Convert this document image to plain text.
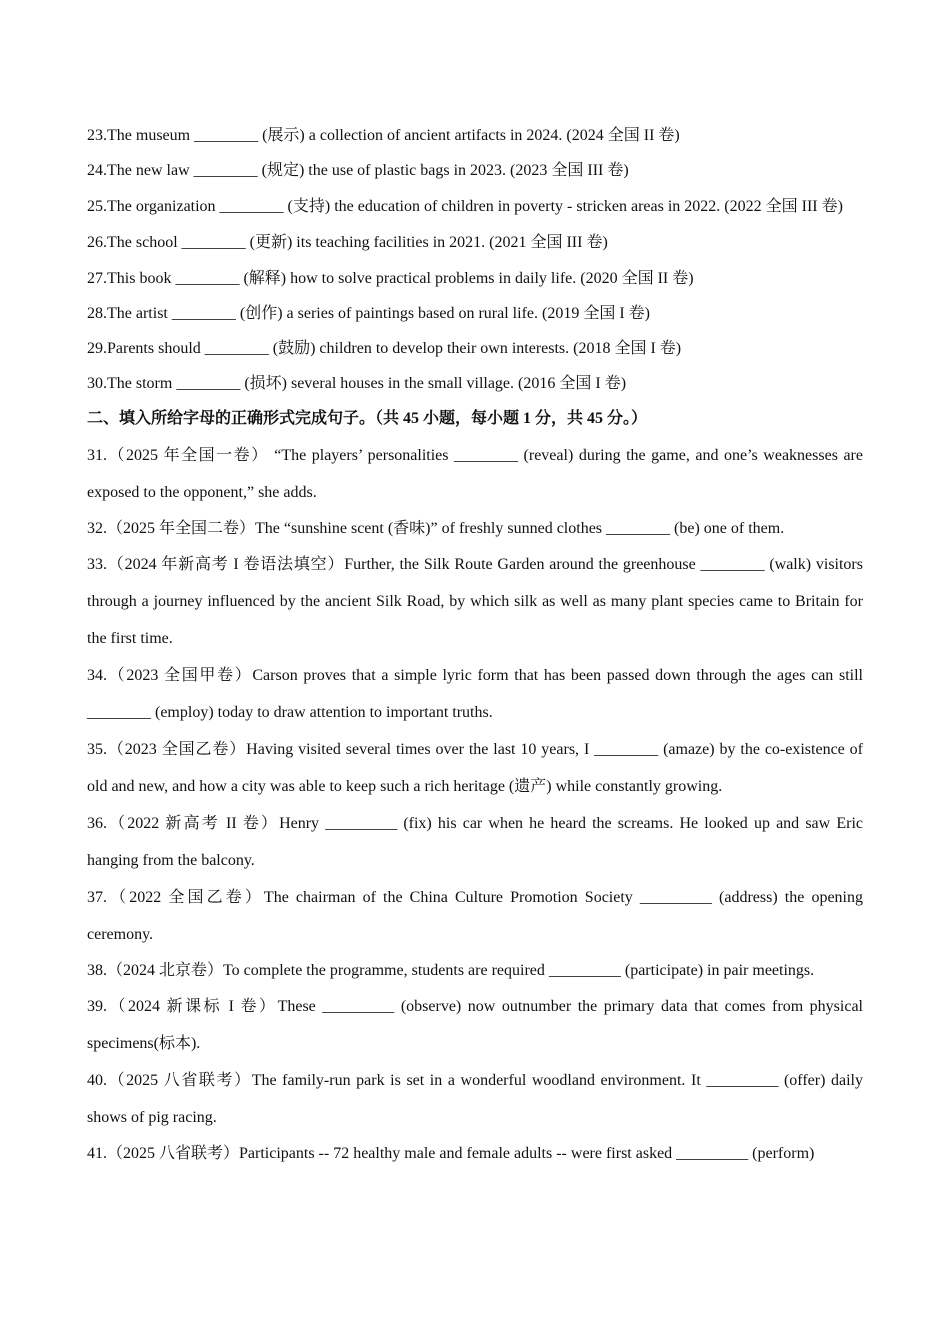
23.The museum ________ (展示) a collection of ancient artifacts in 2024. (2024 全国 II 卷)

24.The new law ________ (规定) the use of plastic bags in 2023. (2023 全国 III 卷)

25.The organization ________ (支持) the education of children in poverty - stricken areas in 2022. (2022 全国 III 卷)

26.The school ________ (更新) its teaching facilities in 2021. (2021 全国 III 卷)

27.This book ________ (解释) how to solve practical problems in daily life. (2020 全国 II 卷)

28.The artist ________ (创作) a series of paintings based on rural life. (2019 全国 I 卷)

29.Parents should ________ (鼓励) children to develop their own interests. (2018 全国 I 卷)

30.The storm ________ (损坏) several houses in the small village. (2016 全国 I 卷)

二、填入所给字母的正确形式完成句子。（共 45 小题，每小题 1 分，共 45 分。）

31.（2025 年全国一卷） “The players’ personalities ________ (reveal) during the game, and one’s weaknesses are exposed to the opponent,” she adds.

32.（2025 年全国二卷）The “sunshine scent (香味)” of freshly sunned clothes ________ (be) one of them.

33.（2024 年新高考 I 卷语法填空）Further, the Silk Route Garden around the greenhouse ________ (walk) visitors through a journey influenced by the ancient Silk Road, by which silk as well as many plant species came to Britain for the first time.

34.（2023 全国甲卷）Carson proves that a simple lyric form that has been passed down through the ages can still ________ (employ) today to draw attention to important truths.

35.（2023 全国乙卷）Having visited several times over the last 10 years, I ________ (amaze) by the co-existence of old and new, and how a city was able to keep such a rich heritage (遗产) while constantly growing.

36.（2022 新高考 II 卷）Henry _________ (fix) his car when he heard the screams. He looked up and saw Eric hanging from the balcony.

37.（2022 全国乙卷）The chairman of the China Culture Promotion Society _________ (address) the opening ceremony.

38.（2024 北京卷）To complete the programme, students are required _________ (participate) in pair meetings.

39.（2024 新课标 I 卷）These _________ (observe) now outnumber the primary data that comes from physical specimens(标本).

40.（2025 八省联考）The family-run park is set in a wonderful woodland environment. It _________ (offer) daily shows of pig racing.

41.（2025 八省联考）Participants -- 72 healthy male and female adults -- were first asked _________ (perform)
